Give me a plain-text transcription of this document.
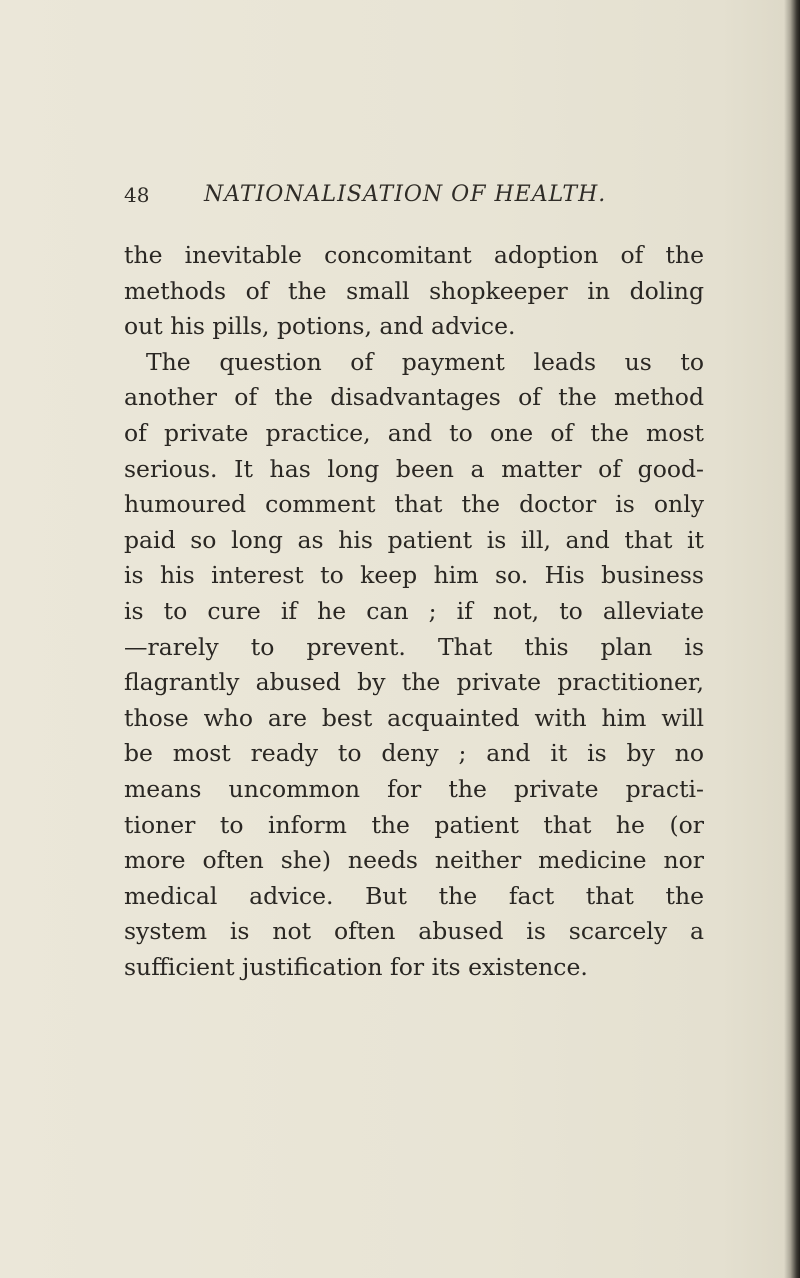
48 NATIONALISATION OF HEALTH.
the inevitable concomitant adoption of the
methods of the small shopkeeper in doling
out his pills, potions, and advice.
The question of payment leads us to
another of the disadvantages of the method
of private practice, and to one of the most
serious. It has long been a matter of good-
humoured comment that the doctor is only
paid so long as his patient is ill, and that it
is his interest to keep him so. His business
is to cure if he can ; if not, to alleviate
—rarely to prevent. That this plan is
flagrantly abused by the private practitioner,
those who are best acquainted with him will
be most ready to deny ; and it is by no
means uncommon for the private practi-
tioner to inform the patient that he (or
more often she) needs neither medicine nor
medical advice. But the fact that the
system is not often abused is scarcely a
sufficient justification for its existence.
